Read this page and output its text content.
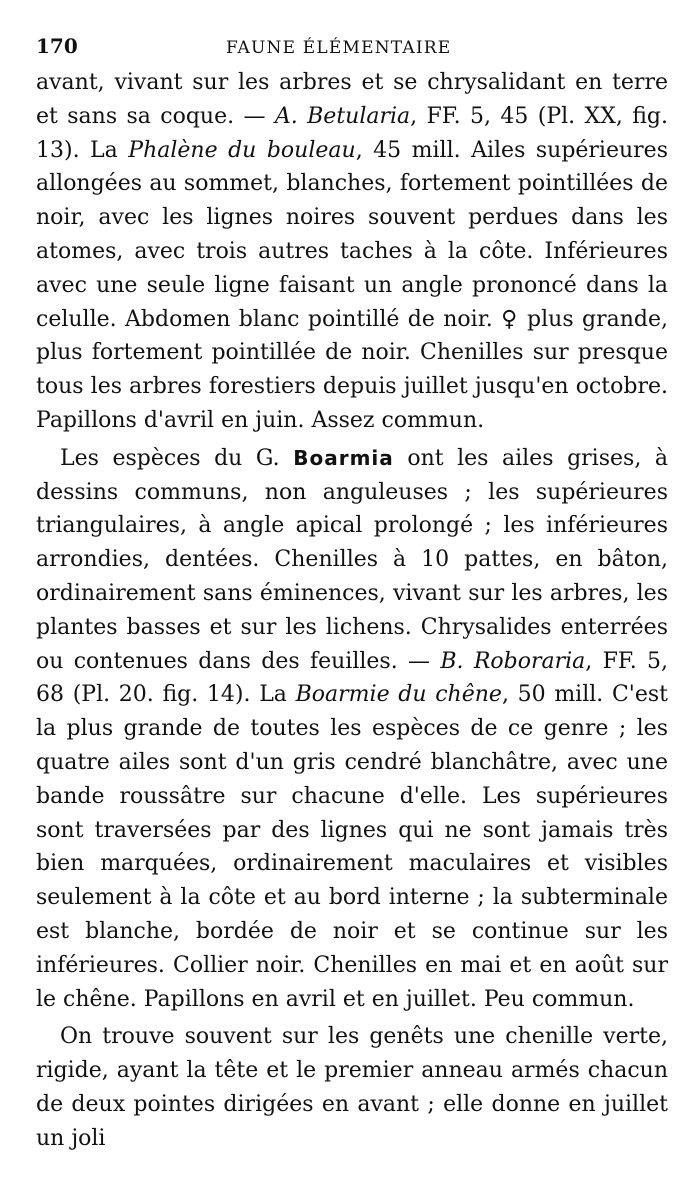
170	FAUNE ÉLÉMENTAIRE

avant, vivant sur les arbres et se chrysalidant en terre et sans sa coque. — A. Betularia, FF. 5, 45 (Pl. XX, fig. 13). La Phalène du bouleau, 45 mill. Ailes supérieures allongées au sommet, blanches, fortement pointillées de noir, avec les lignes noires souvent perdues dans les atomes, avec trois autres taches à la côte. Inférieures avec une seule ligne faisant un angle prononcé dans la celulle. Abdomen blanc pointillé de noir. ♀ plus grande, plus fortement pointillée de noir. Chenilles sur presque tous les arbres forestiers depuis juillet jusqu'en octobre. Papillons d'avril en juin. Assez commun.

Les espèces du G. Boarmia ont les ailes grises, à dessins communs, non anguleuses ; les supérieures triangulaires, à angle apical prolongé ; les inférieures arrondies, dentées. Chenilles à 10 pattes, en bâton, ordinairement sans éminences, vivant sur les arbres, les plantes basses et sur les lichens. Chrysalides enterrées ou contenues dans des feuilles. — B. Roboraria, FF. 5, 68 (Pl. 20. fig. 14). La Boarmie du chêne, 50 mill. C'est la plus grande de toutes les espèces de ce genre ; les quatre ailes sont d'un gris cendré blanchâtre, avec une bande roussâtre sur chacune d'elle. Les supérieures sont traversées par des lignes qui ne sont jamais très bien marquées, ordinairement maculaires et visibles seulement à la côte et au bord interne ; la subterminale est blanche, bordée de noir et se continue sur les inférieures. Collier noir. Chenilles en mai et en août sur le chêne. Papillons en avril et en juillet. Peu commun.

On trouve souvent sur les genêts une chenille verte, rigide, ayant la tête et le premier anneau armés chacun de deux pointes dirigées en avant ; elle donne en juillet un joli
